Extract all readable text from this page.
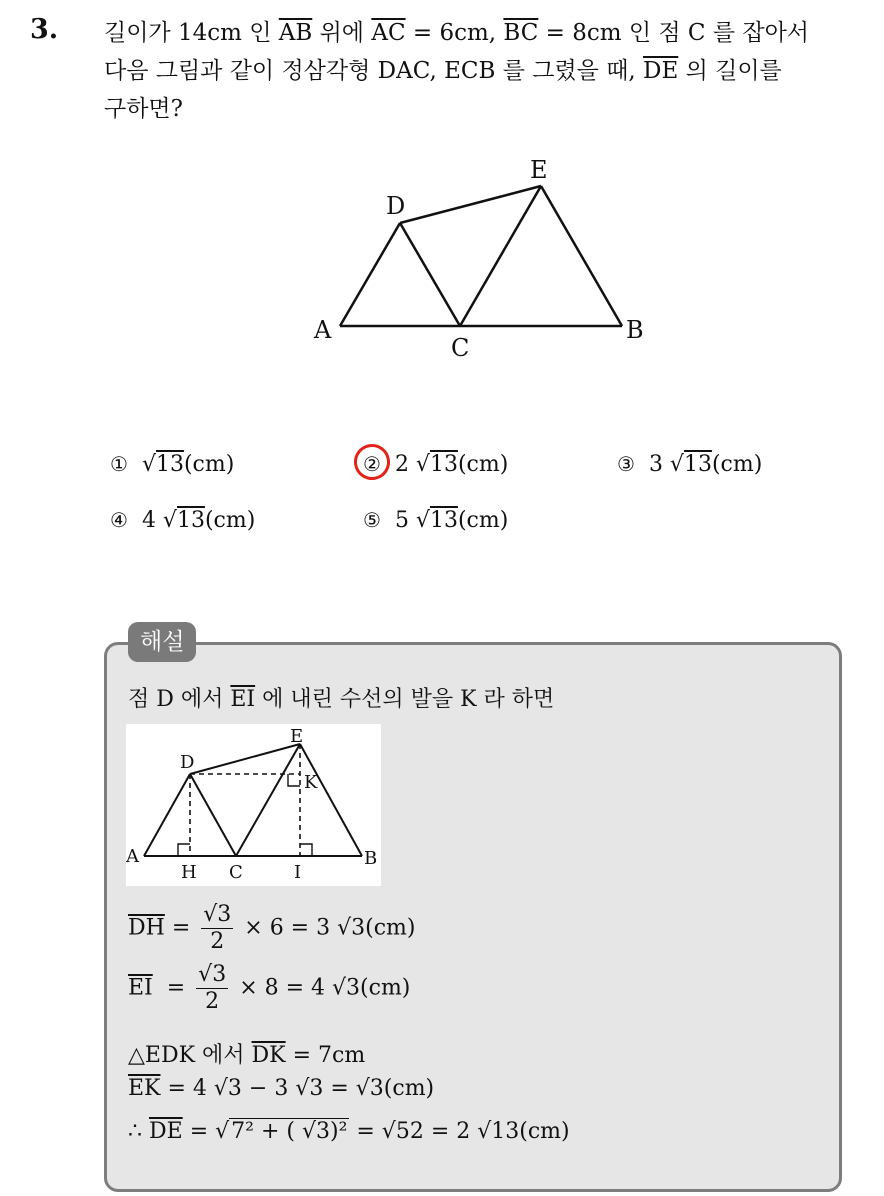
3. 길이가 14cm 인 $\overline{AB}$ 위에 $\overline{AC} = 6cm$, $\overline{BC} = 8cm$ 인 점 C 를 잡아서
다음 그림과 같이 정삼각형 DAC, ECB 를 그렸을 때, $\overline{DE}$ 의 길이를
구하면?
A	B
C
D
E
① √13(cm)	② 2 √13(cm)	③ 3 √13(cm)
④ 4 √13(cm)	⑤ 5 √13(cm)
해설
점 D 에서 $\overline{EI}$ 에 내린 수선의 발을 K 라 하면
A	B
C
H	I
D
E
K
$\overline{DH} = \frac{√3}{2} \times 6 = 3$ √3(cm)
$\overline{EI} = \frac{√3}{2} \times 8 = 4$ √3(cm)
△EDK 에서 $\overline{DK} = 7cm$
$\overline{EK} = 4$ √3 − 3 √3 = √3(cm)
∴ $\overline{DE} = √7^2$ + ( √3)² = √52 = 2 √13(cm)
